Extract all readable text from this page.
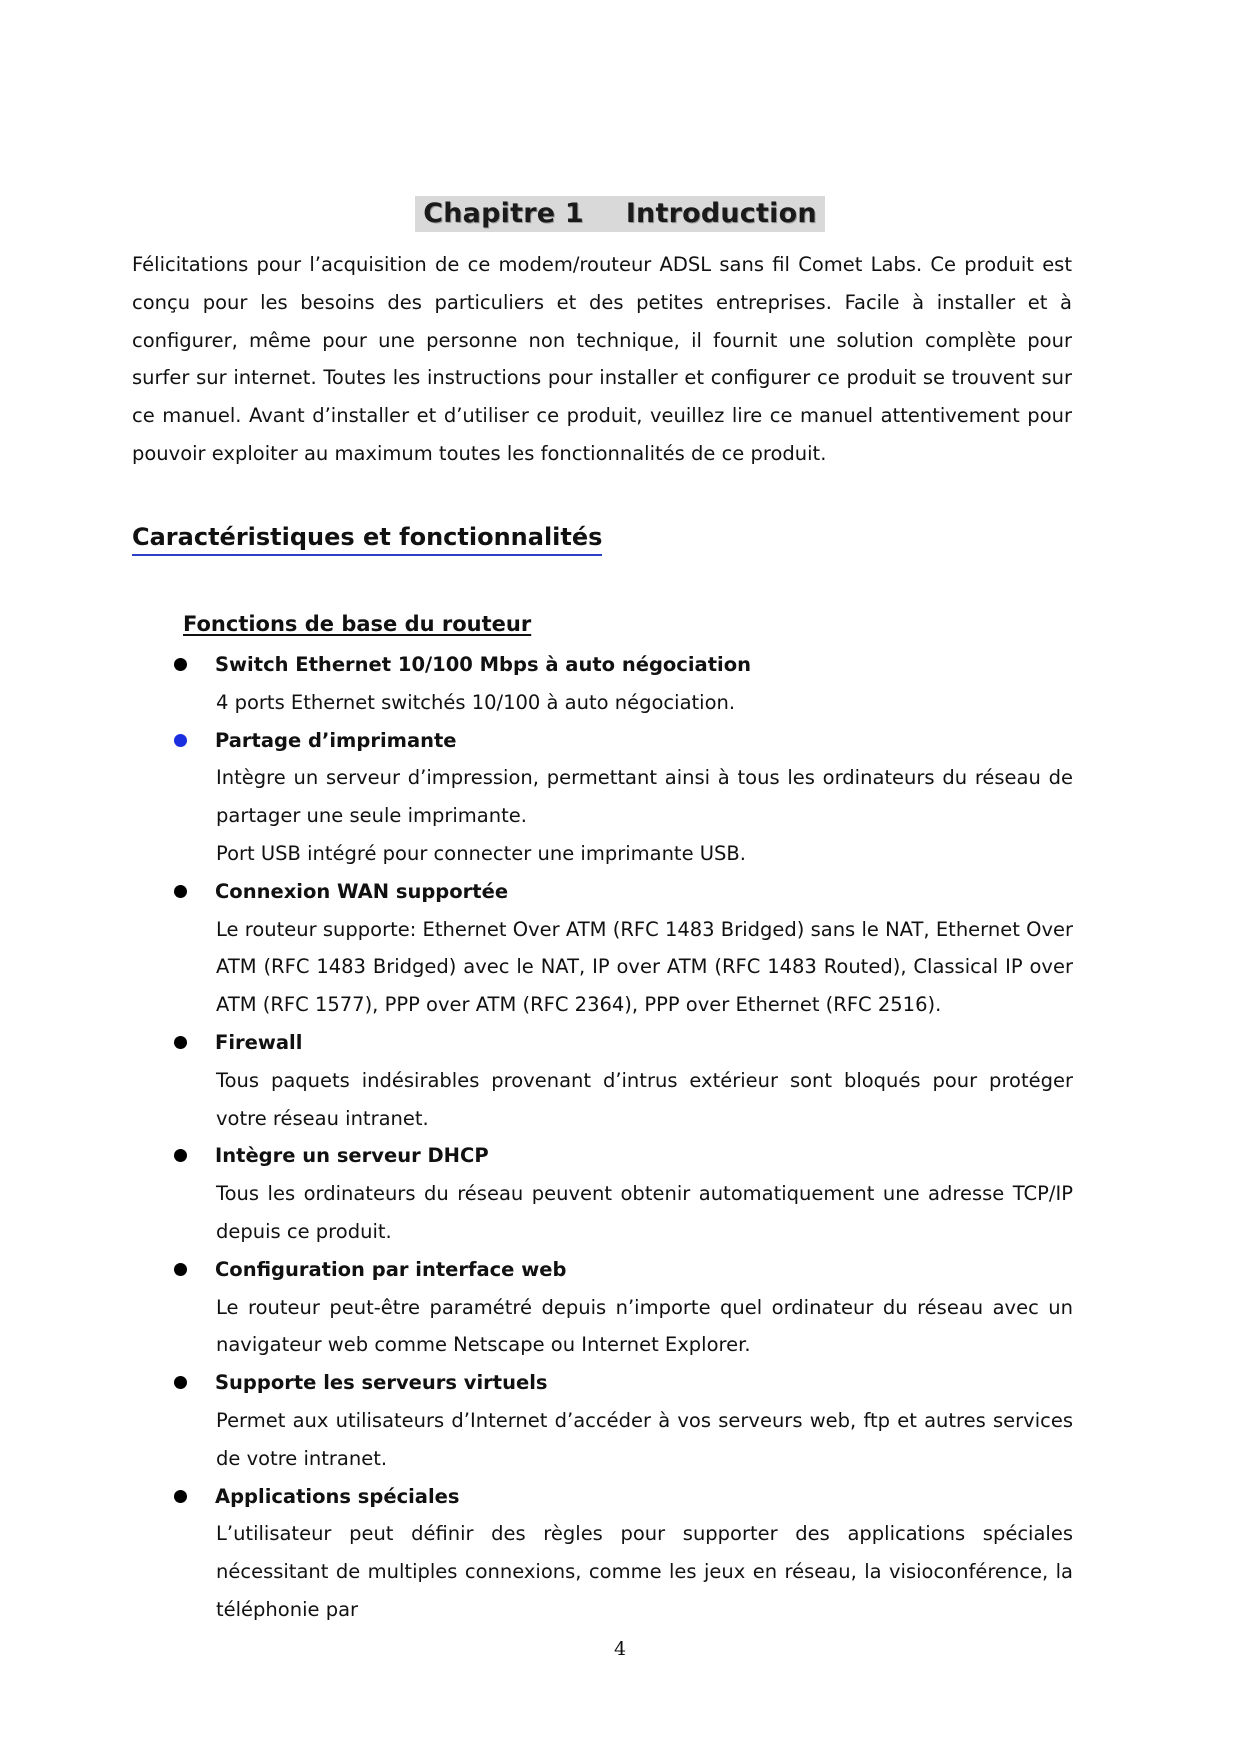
Chapitre 1 Introduction

Félicitations pour l’acquisition de ce modem/routeur ADSL sans fil Comet Labs. Ce produit est conçu pour les besoins des particuliers et des petites entreprises. Facile à installer et à configurer, même pour une personne non technique, il fournit une solution complète pour surfer sur internet. Toutes les instructions pour installer et configurer ce produit se trouvent sur ce manuel. Avant d’installer et d’utiliser ce produit, veuillez lire ce manuel attentivement pour pouvoir exploiter au maximum toutes les fonctionnalités de ce produit.

Caractéristiques et fonctionnalités
Fonctions de base du routeur
Switch Ethernet 10/100 Mbps à auto négociation

4 ports Ethernet switchés 10/100 à auto négociation.

Partage d’imprimante

Intègre un serveur d’impression, permettant ainsi à tous les ordinateurs du réseau de partager une seule imprimante.

Port USB intégré pour connecter une imprimante USB.

Connexion WAN supportée

Le routeur supporte: Ethernet Over ATM (RFC 1483 Bridged) sans le NAT, Ethernet Over ATM (RFC 1483 Bridged) avec le NAT, IP over ATM (RFC 1483 Routed), Classical IP over ATM (RFC 1577), PPP over ATM (RFC 2364), PPP over Ethernet (RFC 2516).

Firewall

Tous paquets indésirables provenant d’intrus extérieur sont bloqués pour protéger votre réseau intranet.

Intègre un serveur DHCP

Tous les ordinateurs du réseau peuvent obtenir automatiquement une adresse TCP/IP depuis ce produit.

Configuration par interface web

Le routeur peut-être paramétré depuis n’importe quel ordinateur du réseau avec un navigateur web comme Netscape ou Internet Explorer.

Supporte les serveurs virtuels

Permet aux utilisateurs d’Internet d’accéder à vos serveurs web, ftp et autres services de votre intranet.

Applications spéciales

L’utilisateur peut définir des règles pour supporter des applications spéciales nécessitant de multiples connexions, comme les jeux en réseau, la visioconférence, la téléphonie par

4
